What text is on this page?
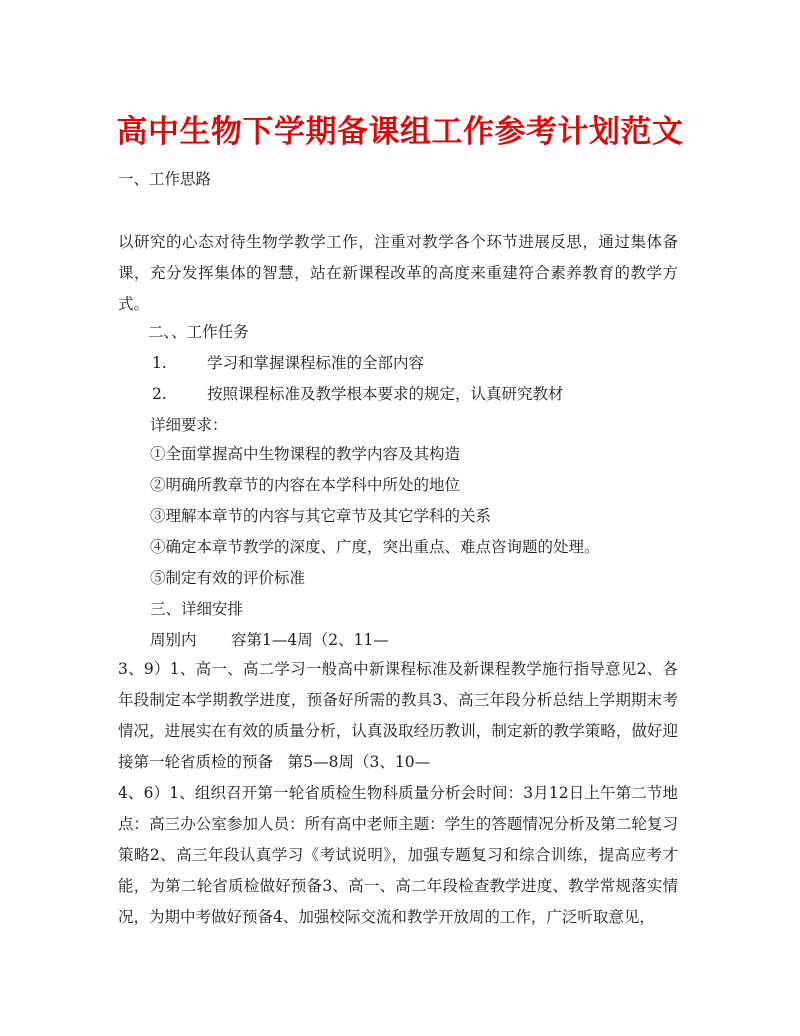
高中生物下学期备课组工作参考计划范文
一、工作思路
以研究的心态对待生物学教学工作，注重对教学各个环节进展反思，通过集体备课，充分发挥集体的智慧，站在新课程改革的高度来重建符合素养教育的教学方式。
二、、工作任务
1.	学习和掌握课程标准的全部内容
2.	按照课程标准及教学根本要求的规定，认真研究教材
详细要求：
①全面掌握高中生物课程的教学内容及其构造
②明确所教章节的内容在本学科中所处的地位
③理解本章节的内容与其它章节及其它学科的关系
④确定本章节教学的深度、广度，突出重点、难点咨询题的处理。
⑤制定有效的评价标准
三、详细安排
周别内       容第1—4周（2、11—
3、9）1、高一、高二学习一般高中新课程标准及新课程教学施行指导意见2、各年段制定本学期教学进度，预备好所需的教具3、高三年段分析总结上学期期末考情况，进展实在有效的质量分析，认真汲取经历教训，制定新的教学策略，做好迎接第一轮省质检的预备   第5—8周（3、10—
4、6）1、组织召开第一轮省质检生物科质量分析会时间：3月12日上午第二节地点：高三办公室参加人员：所有高中老师主题：学生的答题情况分析及第二轮复习策略2、高三年段认真学习《考试说明》，加强专题复习和综合训练，提高应考才能，为第二轮省质检做好预备3、高一、高二年段检查教学进度、教学常规落实情况，为期中考做好预备4、加强校际交流和教学开放周的工作，广泛听取意见，
